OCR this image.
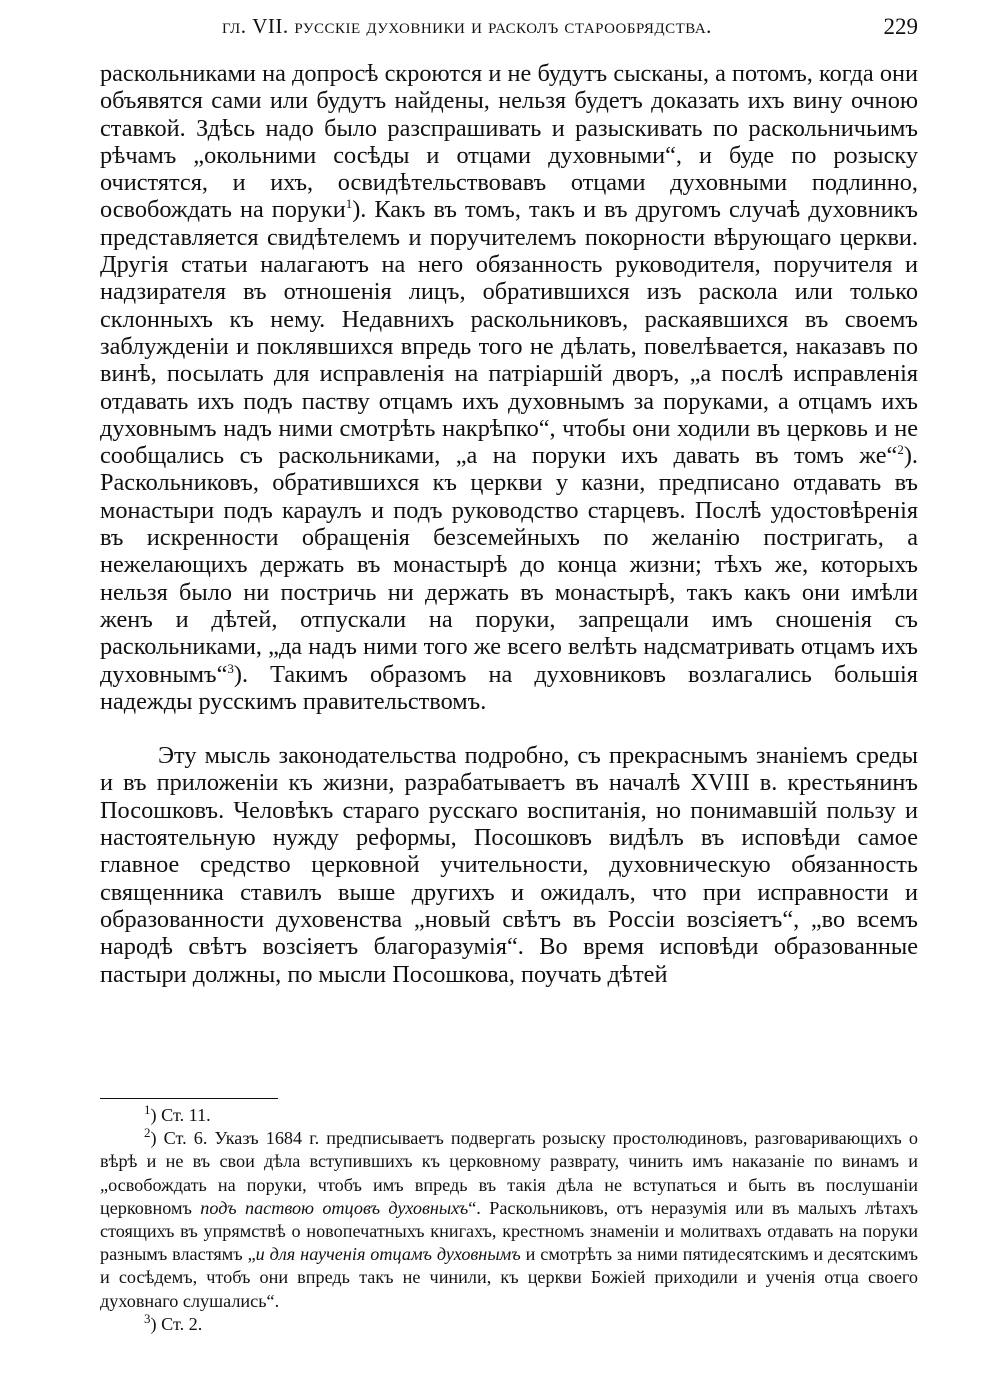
гл. VII. русскіе духовники и расколъ старообрядства.	229

раскольниками на допросѣ скроются и не будутъ сысканы, а потомъ, когда они объявятся сами или будутъ найдены, нельзя будетъ доказать ихъ вину очною ставкой. Здѣсь надо было разспрашивать и разыскивать по раскольничьимъ рѣчамъ „окольними сосѣды и отцами духовными“, и буде по розыску очистятся, и ихъ, освидѣтельствовавъ отцами духовными подлинно, освобождать на поруки$^1$). Какъ въ томъ, такъ и въ другомъ случаѣ духовникъ представляется свидѣтелемъ и поручителемъ покорности вѣрующаго церкви. Другія статьи налагаютъ на него обязанность руководителя, поручителя и надзирателя въ отношенія лицъ, обратившихся изъ раскола или только склонныхъ къ нему. Недавнихъ раскольниковъ, раскаявшихся въ своемъ заблужденіи и поклявшихся впредь того не дѣлать, повелѣвается, наказавъ по винѣ, посылать для исправленія на патріаршій дворъ, „а послѣ исправленія отдавать ихъ подъ паству отцамъ ихъ духовнымъ за поруками, а отцамъ ихъ духовнымъ надъ ними смотрѣть накрѣпко“, чтобы они ходили въ церковь и не сообщались съ раскольниками, „а на поруки ихъ давать въ томъ же“$^2$). Раскольниковъ, обратившихся къ церкви у казни, предписано отдавать въ монастыри подъ караулъ и подъ руководство старцевъ. Послѣ удостовѣренія въ искренности обращенія безсемейныхъ по желанію постригать, а нежелающихъ держать въ монастырѣ до конца жизни; тѣхъ же, которыхъ нельзя было ни постричь ни держать въ монастырѣ, такъ какъ они имѣли женъ и дѣтей, отпускали на поруки, запрещали имъ сношенія съ раскольниками, „да надъ ними того же всего велѣть надсматривать отцамъ ихъ духовнымъ“$^3$). Такимъ образомъ на духовниковъ возлагались большія надежды русскимъ правительствомъ.

Эту мысль законодательства подробно, съ прекраснымъ знаніемъ среды и въ приложеніи къ жизни, разрабатываетъ въ началѣ XVIII в. крестьянинъ Посошковъ. Человѣкъ стараго русскаго воспитанія, но понимавшій пользу и настоятельную нужду реформы, Посошковъ видѣлъ въ исповѣди самое главное средство церковной учительности, духовническую обязанность священника ставилъ выше другихъ и ожидалъ, что при исправности и образованности духовенства „новый свѣтъ въ Россіи возсіяетъ“, „во всемъ народѣ свѣтъ возсіяетъ благоразумія“. Во время исповѣди образованные пастыри должны, по мысли Посошкова, поучать дѣтей

$^1$) Ст. 11.

$^2$) Ст. 6. Указъ 1684 г. предписываетъ подвергать розыску простолюдиновъ, разговаривающихъ о вѣрѣ и не въ свои дѣла вступившихъ къ церковному разврату, чинить имъ наказаніе по винамъ и „освобождать на поруки, чтобъ имъ впредь въ такія дѣла не вступаться и быть въ послушаніи церковномъ подъ паствою отцовъ духовныхъ“. Раскольниковъ, отъ неразумія или въ малыхъ лѣтахъ стоящихъ въ упрямствѣ о новопечатныхъ книгахъ, крестномъ знаменіи и молитвахъ отдавать на поруки разнымъ властямъ „и для наученія отцамъ духовнымъ и смотрѣть за ними пятидесятскимъ и десятскимъ и сосѣдемъ, чтобъ они впредь такъ не чинили, къ церкви Божіей приходили и ученія отца своего духовнаго слушались“.

$^3$) Ст. 2.
